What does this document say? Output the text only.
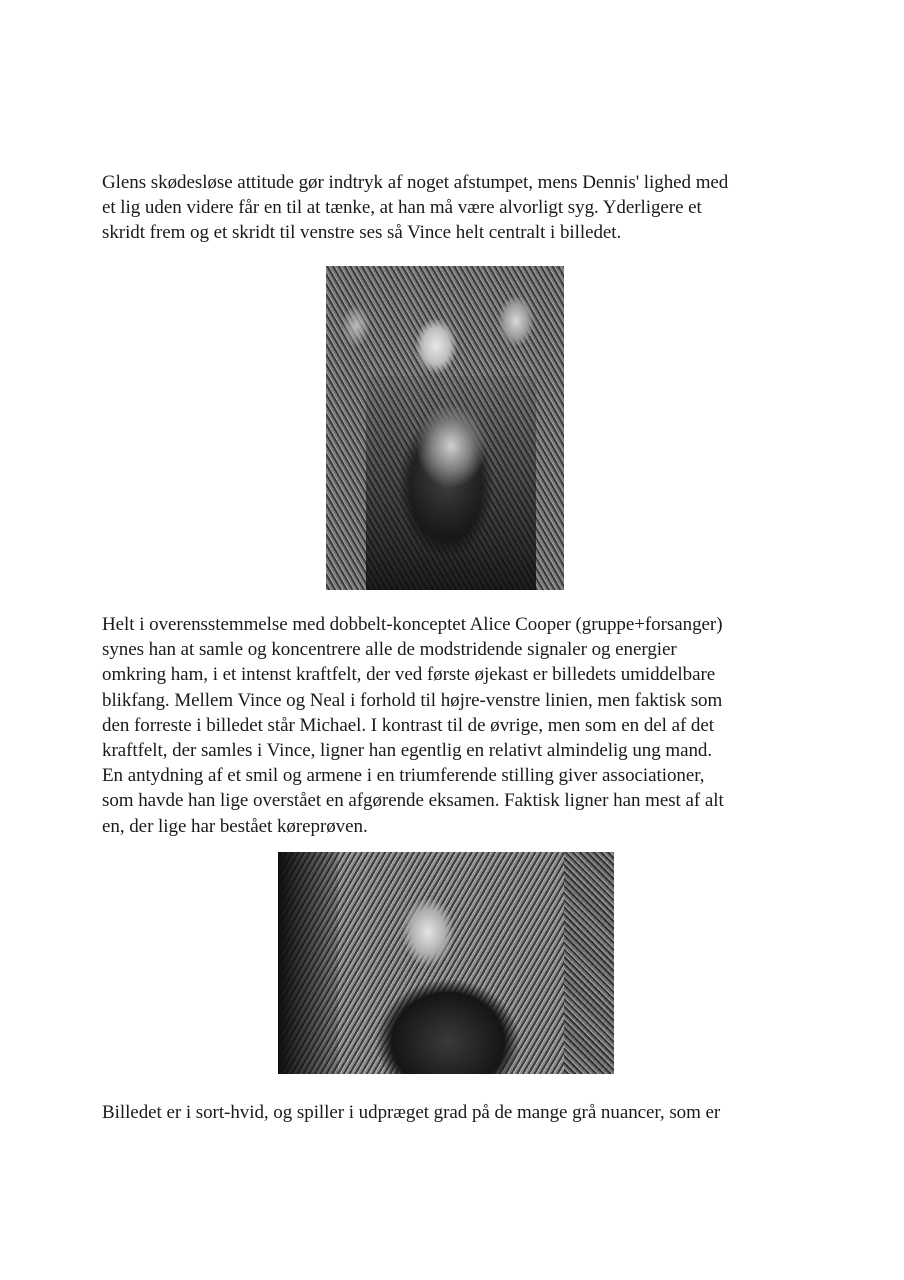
Glens skødesløse attitude gør indtryk af noget afstumpet, mens Dennis' lighed med
et lig uden videre får en til at tænke, at han må være alvorligt syg. Yderligere et
skridt frem og et skridt til venstre ses så Vince helt centralt i billedet.

Helt i overensstemmelse med dobbelt-konceptet Alice Cooper (gruppe+forsanger)
synes han at samle og koncentrere alle de modstridende signaler og energier
omkring ham, i et intenst kraftfelt, der ved første øjekast er billedets umiddelbare
blikfang. Mellem Vince og Neal i forhold til højre-venstre linien, men faktisk som
den forreste i billedet står Michael. I kontrast til de øvrige, men som en del af det
kraftfelt, der samles i Vince, ligner han egentlig en relativt almindelig ung mand.
En antydning af et smil og armene i en triumferende stilling giver associationer,
som havde han lige overstået en afgørende eksamen. Faktisk ligner han mest af alt
en, der lige har bestået køreprøven.

Billedet er i sort-hvid, og spiller i udpræget grad på de mange grå nuancer, som er
